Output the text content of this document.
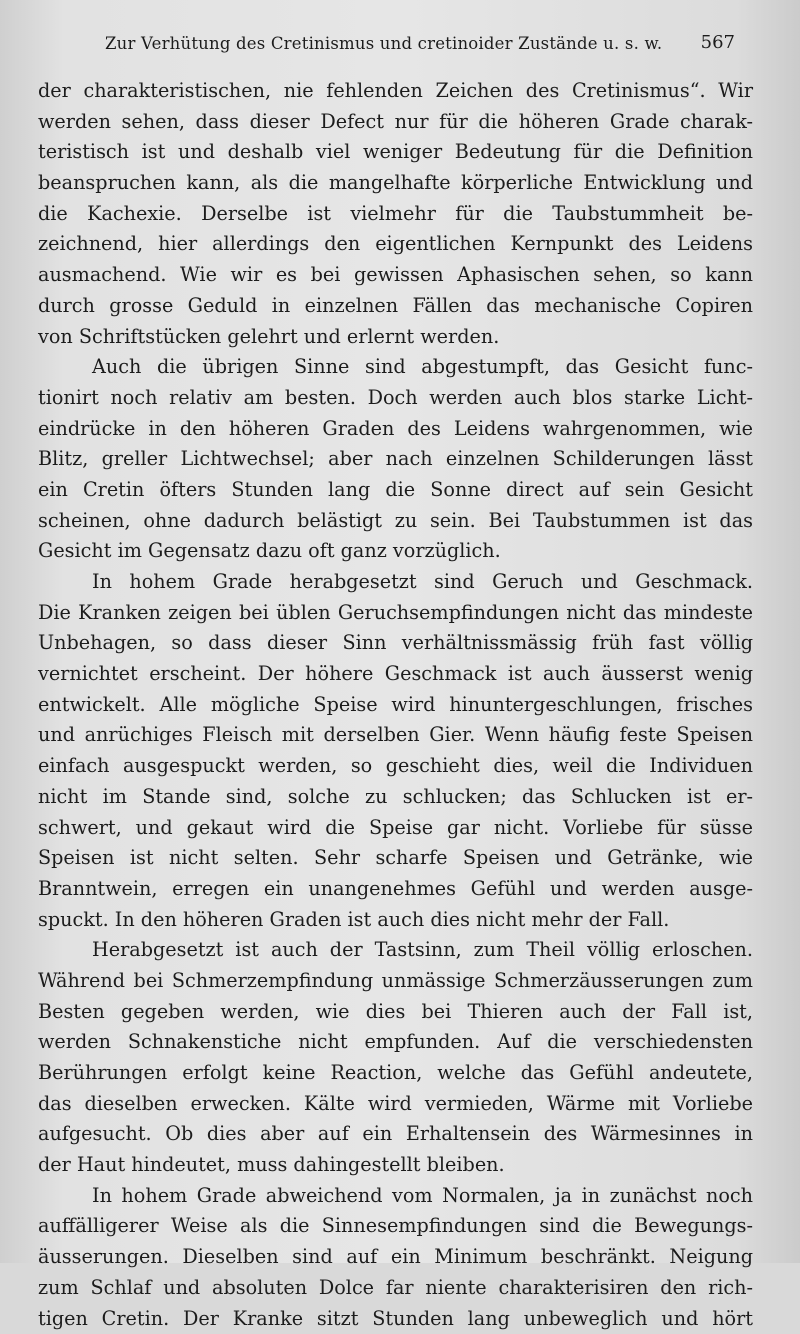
Zur Verhütung des Cretinismus und cretinoider Zustände u. s. w. 567
der charakteristischen, nie fehlenden Zeichen des Cretinismus“. Wir
werden sehen, dass dieser Defect nur für die höheren Grade charak-
teristisch ist und deshalb viel weniger Bedeutung für die Definition
beanspruchen kann, als die mangelhafte körperliche Entwicklung und
die Kachexie. Derselbe ist vielmehr für die Taubstummheit be-
zeichnend, hier allerdings den eigentlichen Kernpunkt des Leidens
ausmachend. Wie wir es bei gewissen Aphasischen sehen, so kann
durch grosse Geduld in einzelnen Fällen das mechanische Copiren
von Schriftstücken gelehrt und erlernt werden.
Auch die übrigen Sinne sind abgestumpft, das Gesicht func-
tionirt noch relativ am besten. Doch werden auch blos starke Licht-
eindrücke in den höheren Graden des Leidens wahrgenommen, wie
Blitz, greller Lichtwechsel; aber nach einzelnen Schilderungen lässt
ein Cretin öfters Stunden lang die Sonne direct auf sein Gesicht
scheinen, ohne dadurch belästigt zu sein. Bei Taubstummen ist das
Gesicht im Gegensatz dazu oft ganz vorzüglich.
In hohem Grade herabgesetzt sind Geruch und Geschmack.
Die Kranken zeigen bei üblen Geruchsempfindungen nicht das mindeste
Unbehagen, so dass dieser Sinn verhältnissmässig früh fast völlig
vernichtet erscheint. Der höhere Geschmack ist auch äusserst wenig
entwickelt. Alle mögliche Speise wird hinuntergeschlungen, frisches
und anrüchiges Fleisch mit derselben Gier. Wenn häufig feste Speisen
einfach ausgespuckt werden, so geschieht dies, weil die Individuen
nicht im Stande sind, solche zu schlucken; das Schlucken ist er-
schwert, und gekaut wird die Speise gar nicht. Vorliebe für süsse
Speisen ist nicht selten. Sehr scharfe Speisen und Getränke, wie
Branntwein, erregen ein unangenehmes Gefühl und werden ausge-
spuckt. In den höheren Graden ist auch dies nicht mehr der Fall.
Herabgesetzt ist auch der Tastsinn, zum Theil völlig erloschen.
Während bei Schmerzempfindung unmässige Schmerzäusserungen zum
Besten gegeben werden, wie dies bei Thieren auch der Fall ist,
werden Schnakenstiche nicht empfunden. Auf die verschiedensten
Berührungen erfolgt keine Reaction, welche das Gefühl andeutete,
das dieselben erwecken. Kälte wird vermieden, Wärme mit Vorliebe
aufgesucht. Ob dies aber auf ein Erhaltensein des Wärmesinnes in
der Haut hindeutet, muss dahingestellt bleiben.
In hohem Grade abweichend vom Normalen, ja in zunächst noch
auffälligerer Weise als die Sinnesempfindungen sind die Bewegungs-
äusserungen. Dieselben sind auf ein Minimum beschränkt. Neigung
zum Schlaf und absoluten Dolce far niente charakterisiren den rich-
tigen Cretin. Der Kranke sitzt Stunden lang unbeweglich und hört
